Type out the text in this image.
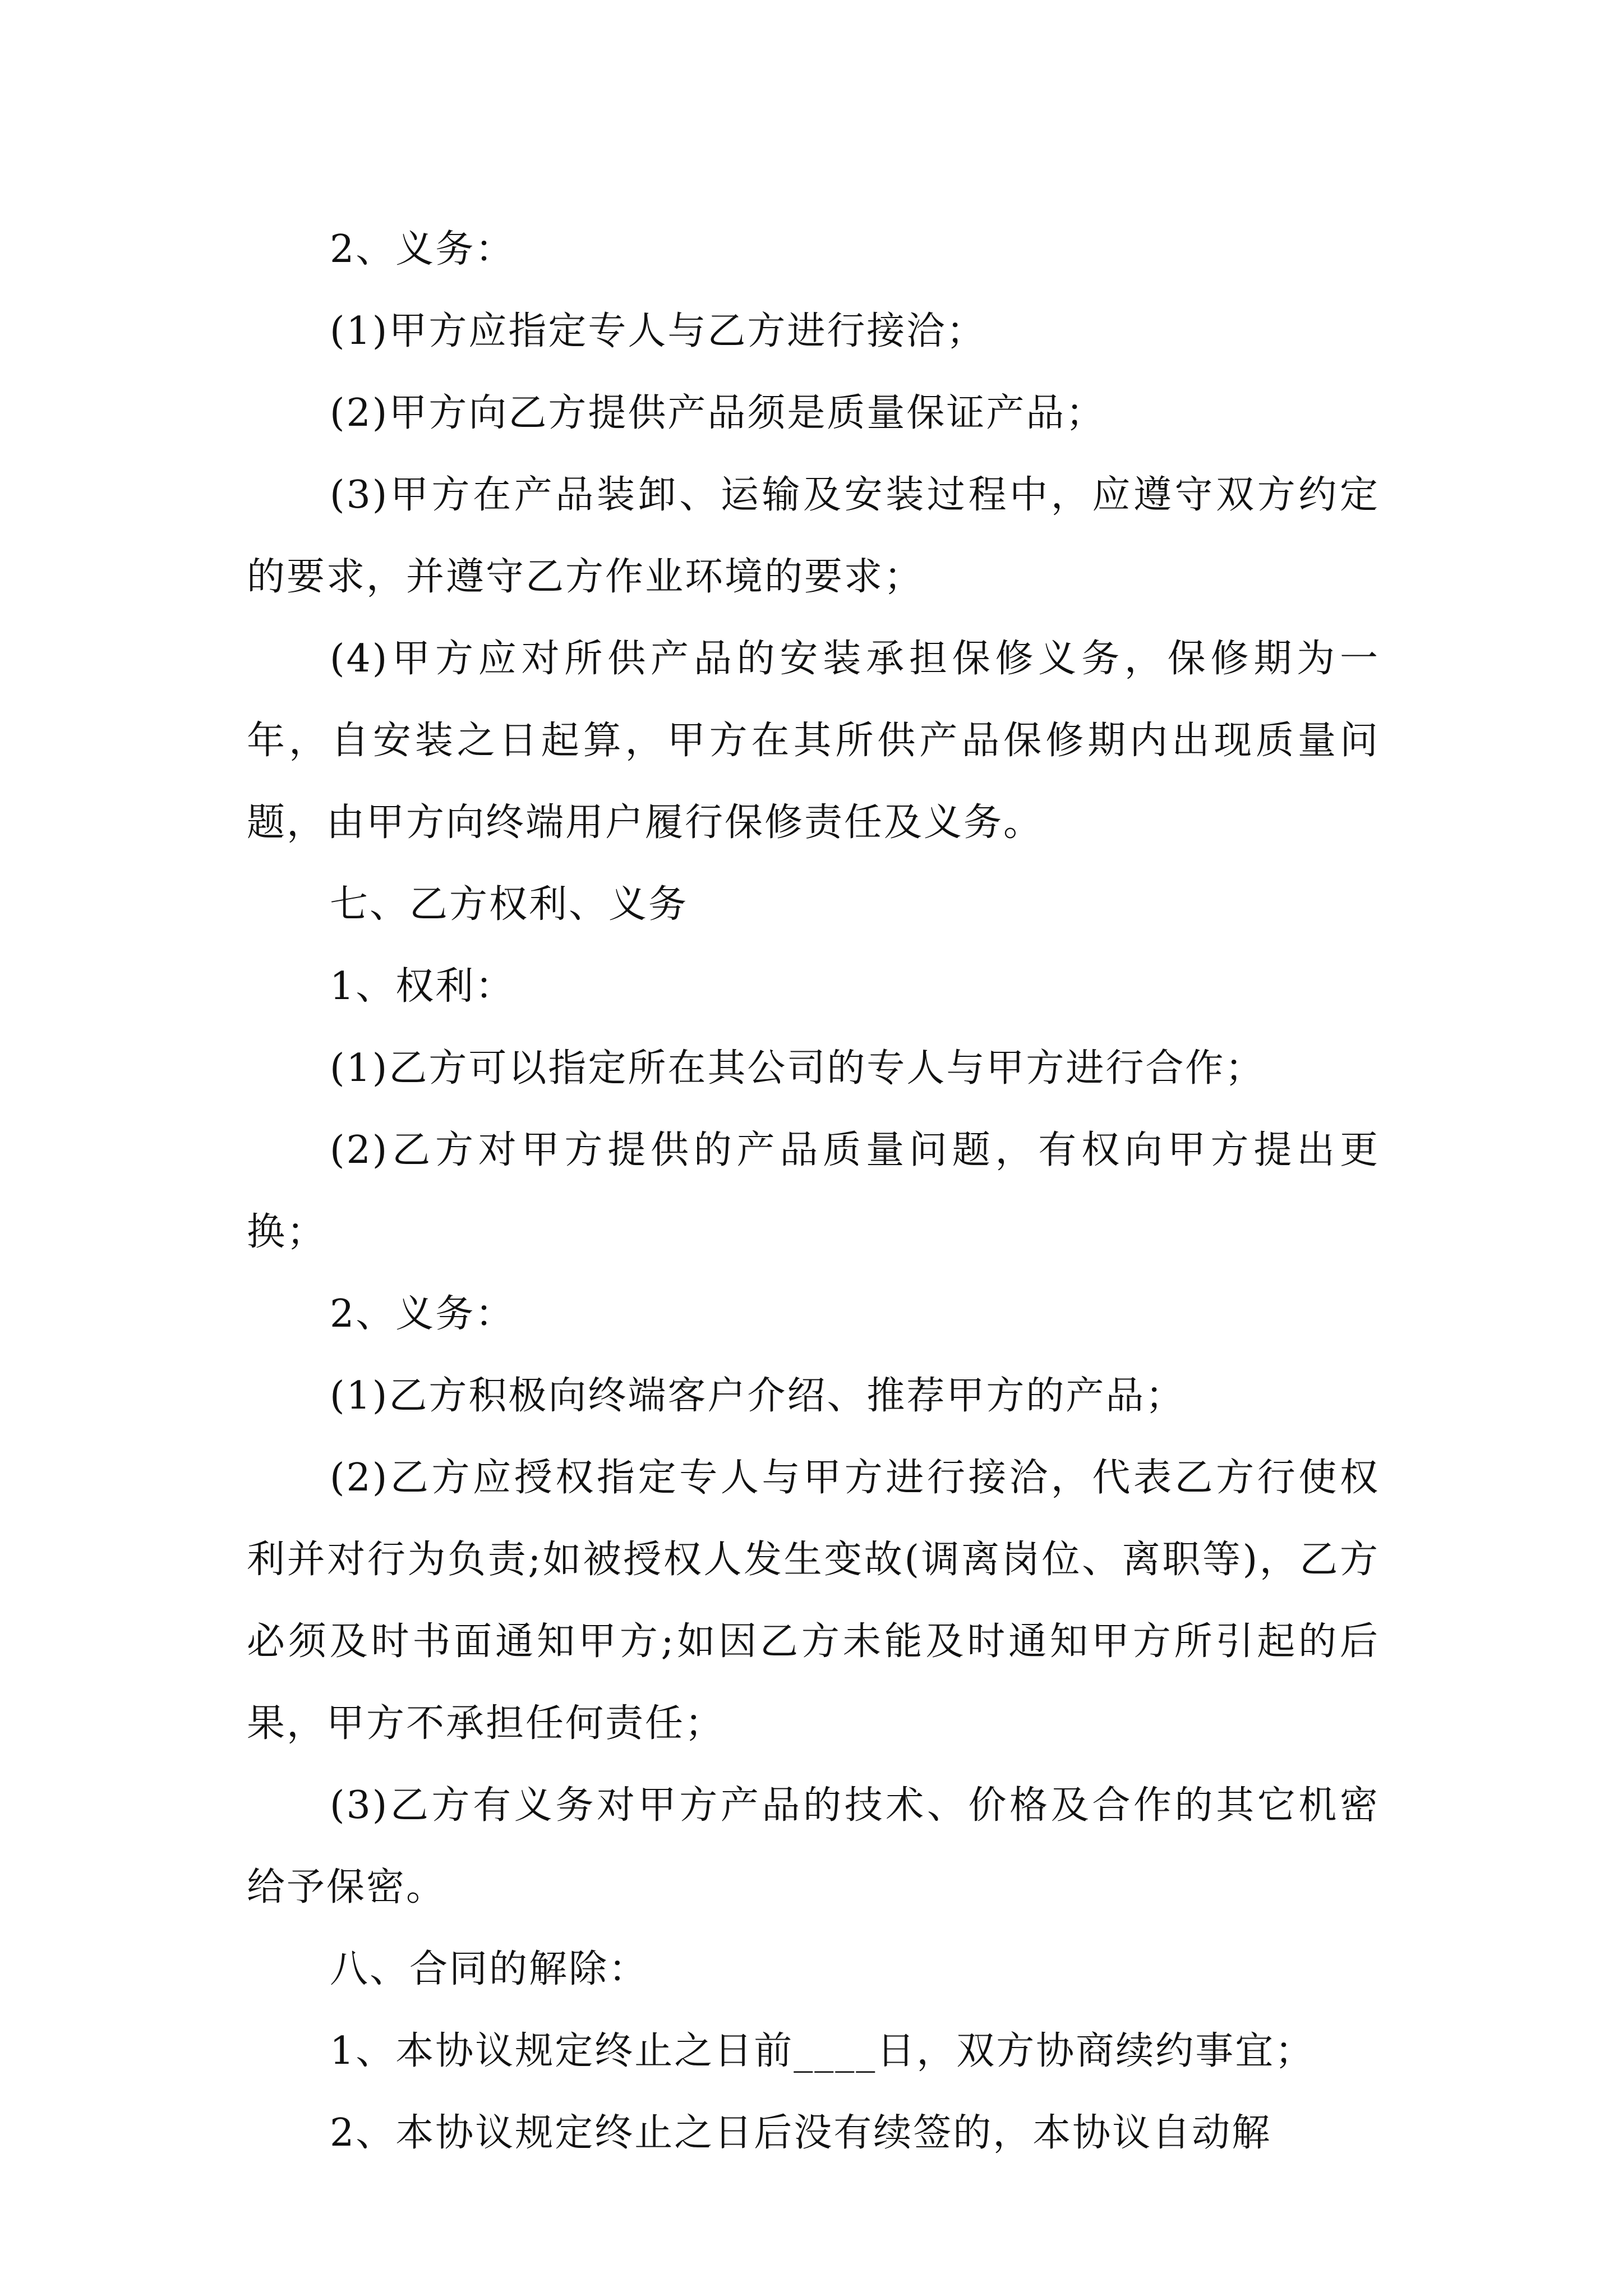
2、义务：

(1)甲方应指定专人与乙方进行接洽；

(2)甲方向乙方提供产品须是质量保证产品；

(3)甲方在产品装卸、运输及安装过程中，应遵守双方约定的要求，并遵守乙方作业环境的要求；

(4)甲方应对所供产品的安装承担保修义务，保修期为一年，自安装之日起算，甲方在其所供产品保修期内出现质量问题，由甲方向终端用户履行保修责任及义务。

七、乙方权利、义务

1、权利：

(1)乙方可以指定所在其公司的专人与甲方进行合作；

(2)乙方对甲方提供的产品质量问题，有权向甲方提出更换；

2、义务：

(1)乙方积极向终端客户介绍、推荐甲方的产品；

(2)乙方应授权指定专人与甲方进行接洽，代表乙方行使权利并对行为负责;如被授权人发生变故(调离岗位、离职等)，乙方必须及时书面通知甲方;如因乙方未能及时通知甲方所引起的后果，甲方不承担任何责任；

(3)乙方有义务对甲方产品的技术、价格及合作的其它机密给予保密。

八、合同的解除：

1、本协议规定终止之日前____日，双方协商续约事宜；

2、本协议规定终止之日后没有续签的，本协议自动解
